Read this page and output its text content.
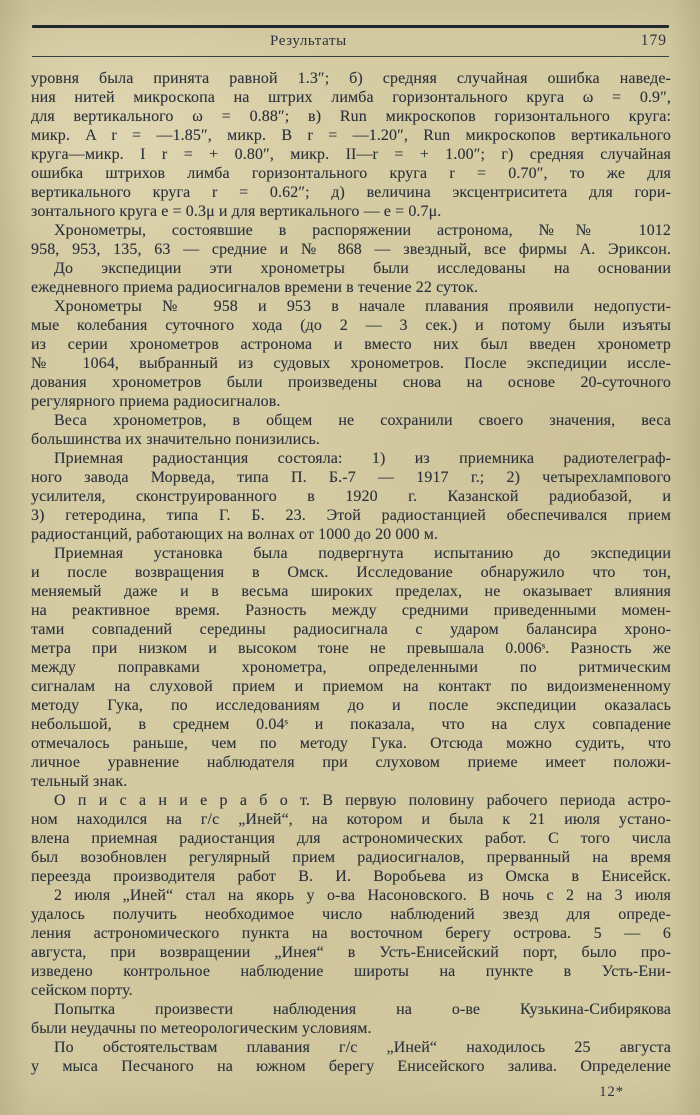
Результаты	179
уровня была принята равной 1.3″; б) средняя случайная ошибка наведе-
ния нитей микроскопа на штрих лимба горизонтального круга ω = 0.9″,
для вертикального ω = 0.88″; в) Run микроскопов горизонтального круга:
микр. A r = —1.85″, микр. B r = —1.20″, Run микроскопов вертикального
круга—микр. I r = + 0.80″, микр. II—r = + 1.00″; г) средняя случайная
ошибка штрихов лимба горизонтального круга r = 0.70″, то же для
вертикального круга r = 0.62″; д) величина эксцентриситета для гори-
зонтального круга e = 0.3μ и для вертикального — e = 0.7μ.
Хронометры, состоявшие в распоряжении астронома, №№ 1012
958, 953, 135, 63 — средние и № 868 — звездный, все фирмы А. Эриксон.
До экспедиции эти хронометры были исследованы на основании
ежедневного приема радиосигналов времени в течение 22 суток.
Хронометры № 958 и 953 в начале плавания проявили недопусти-
мые колебания суточного хода (до 2 — 3 сек.) и потому были изъяты
из серии хронометров астронома и вместо них был введен хронометр
№ 1064, выбранный из судовых хронометров. После экспедиции иссле-
дования хронометров были произведены снова на основе 20-суточного
регулярного приема радиосигналов.
Веса хронометров, в общем не сохранили своего значения, веса
большинства их значительно понизились.
Приемная радиостанция состояла: 1) из приемника радиотелеграф-
ного завода Морведа, типа П. Б.-7 — 1917 г.; 2) четырехлампового
усилителя, сконструированного в 1920 г. Казанской радиобазой, и
3) гетеродина, типа Г. Б. 23. Этой радиостанцией обеспечивался прием
радиостанций, работающих на волнах от 1000 до 20 000 м.
Приемная установка была подвергнута испытанию до экспедиции
и после возвращения в Омск. Исследование обнаружило что тон,
меняемый даже и в весьма широких пределах, не оказывает влияния
на реактивное время. Разность между средними приведенными момен-
тами совпадений середины радиосигнала с ударом балансира хроно-
метра при низком и высоком тоне не превышала 0.006ˢ. Разность же
между поправками хронометра, определенными по ритмическим
сигналам на слуховой прием и приемом на контакт по видоизмененному
методу Гука, по исследованиям до и после экспедиции оказалась
небольшой, в среднем 0.04ˢ и показала, что на слух совпадение
отмечалось раньше, чем по методу Гука. Отсюда можно судить, что
личное уравнение наблюдателя при слуховом приеме имеет положи-
тельный знак.
О п и с а н и е р а б о т. В первую половину рабочего периода астро-
ном находился на г/с „Иней“, на котором и была к 21 июля устано-
влена приемная радиостанция для астрономических работ. С того числа
был возобновлен регулярный прием радиосигналов, прерванный на время
переезда производителя работ В. И. Воробьева из Омска в Енисейск.
2 июля „Иней“ стал на якорь у о-ва Насоновского. В ночь с 2 на 3 июля
удалось получить необходимое число наблюдений звезд для опреде-
ления астрономического пункта на восточном берегу острова. 5 — 6
августа, при возвращении „Инея“ в Усть-Енисейский порт, было про-
изведено контрольное наблюдение широты на пункте в Усть-Ени-
сейском порту.
Попытка произвести наблюдения на о-ве Кузькина-Сибирякова
были неудачны по метеорологическим условиям.
По обстоятельствам плавания г/с „Иней“ находилось 25 августа
у мыса Песчаного на южном берегу Енисейского залива. Определение
12*
